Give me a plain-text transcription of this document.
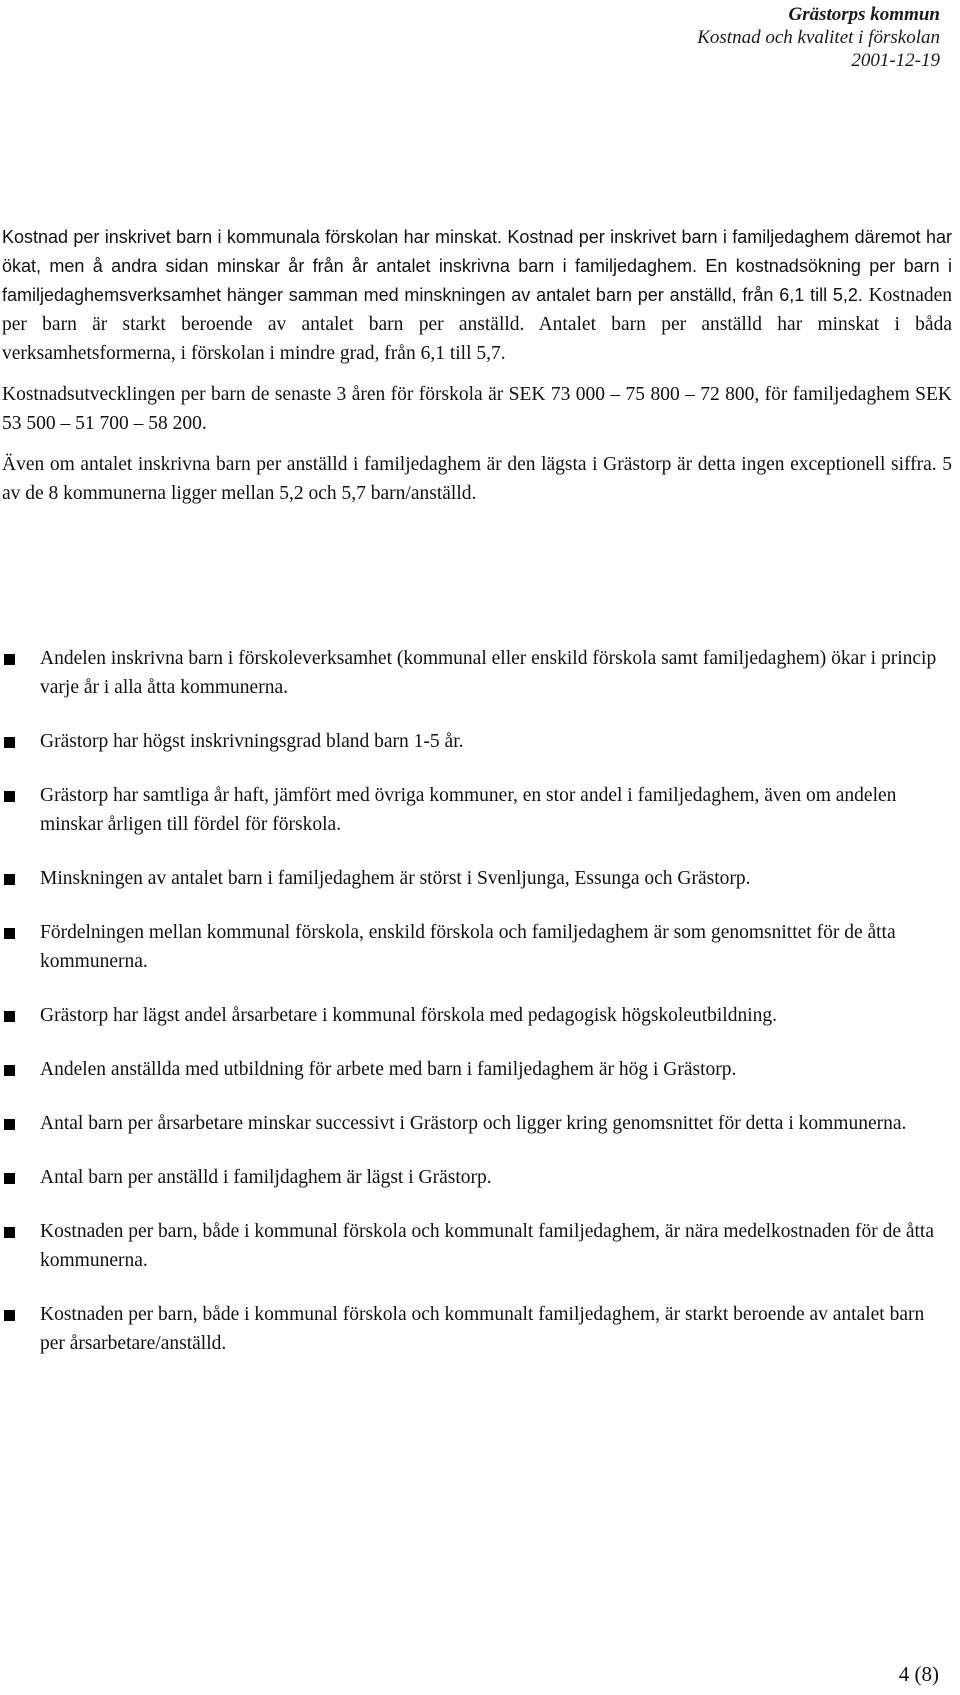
Grästorps kommun
Kostnad och kvalitet i förskolan
2001-12-19

Kostnad per inskrivet barn i kommunala förskolan har minskat. Kostnad per inskrivet barn i familjedaghem däremot har ökat, men å andra sidan minskar år från år antalet inskrivna barn i familjedaghem. En kostnadsökning per barn i familjedaghemsverksamhet hänger samman med minskningen av antalet barn per anställd, från 6,1 till 5,2. Kostnaden per barn är starkt beroende av antalet barn per anställd. Antalet barn per anställd har minskat i båda verksamhetsformerna, i förskolan i mindre grad, från 6,1 till 5,7.

Kostnadsutvecklingen per barn de senaste 3 åren för förskola är SEK 73 000 – 75 800 – 72 800, för familjedaghem SEK 53 500 – 51 700 – 58 200.

Även om antalet inskrivna barn per anställd i familjedaghem är den lägsta i Grästorp är detta ingen exceptionell siffra. 5 av de 8 kommunerna ligger mellan 5,2 och 5,7 barn/anställd.

Andelen inskrivna barn i förskoleverksamhet (kommunal eller enskild förskola samt familjedaghem) ökar i princip varje år i alla åtta kommunerna.
Grästorp har högst inskrivningsgrad bland barn 1-5 år.
Grästorp har samtliga år haft, jämfört med övriga kommuner, en stor andel i familjedaghem, även om andelen minskar årligen till fördel för förskola.
Minskningen av antalet barn i familjedaghem är störst i Svenljunga, Essunga och Grästorp.
Fördelningen mellan kommunal förskola, enskild förskola och familjedaghem är som genomsnittet för de åtta kommunerna.
Grästorp har lägst andel årsarbetare i kommunal förskola med pedagogisk högskoleutbildning.
Andelen anställda med utbildning för arbete med barn i familjedaghem är hög i Grästorp.
Antal barn per årsarbetare minskar successivt i Grästorp och ligger kring genomsnittet för detta i kommunerna.
Antal barn per anställd i familjdaghem är lägst i Grästorp.
Kostnaden per barn, både i kommunal förskola och kommunalt familjedaghem, är nära medelkostnaden för de åtta kommunerna.
Kostnaden per barn, både i kommunal förskola och kommunalt familjedaghem, är starkt beroende av antalet barn per årsarbetare/anställd.
4 (8)
